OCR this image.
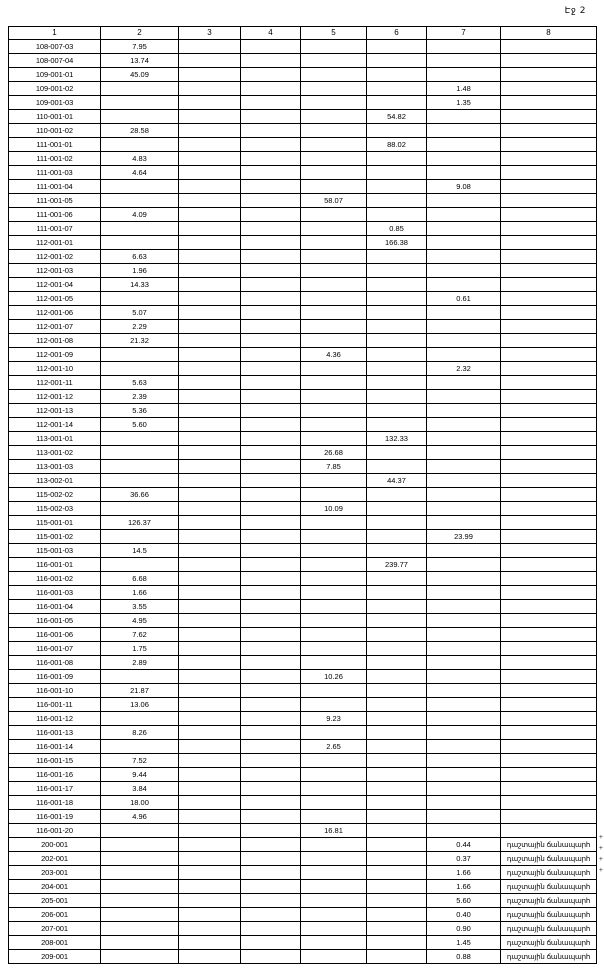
Էջ 2
1	2	3	4	5	6	7	8
108-007-03	7.95						
108-007-04	13.74						
109-001-01	45.09						
109-001-02						1.48	
109-001-03						1.35	
110-001-01					54.82		
110-001-02	28.58						
111-001-01					88.02		
111-001-02	4.83						
111-001-03	4.64						
111-001-04						9.08	
111-001-05				58.07			
111-001-06	4.09						
111-001-07					0.85		
112-001-01					166.38		
112-001-02	6.63						
112-001-03	1.96						
112-001-04	14.33						
112-001-05						0.61	
112-001-06	5.07						
112-001-07	2.29						
112-001-08	21.32						
112-001-09				4.36			
112-001-10						2.32	
112-001-11	5.63						
112-001-12	2.39						
112-001-13	5.36						
112-001-14	5.60						
113-001-01					132.33		
113-001-02				26.68			
113-001-03				7.85			
113-002-01					44.37		
115-002-02	36.66						
115-002-03				10.09			
115-001-01	126.37						
115-001-02						23.99	
115-001-03	14.5						
116-001-01					239.77		
116-001-02	6.68						
116-001-03	1.66						
116-001-04	3.55						
116-001-05	4.95						
116-001-06	7.62						
116-001-07	1.75						
116-001-08	2.89						
116-001-09				10.26			
116-001-10	21.87						
116-001-11	13.06						
116-001-12				9.23			
116-001-13	8.26						
116-001-14				2.65			
116-001-15	7.52						
116-001-16	9.44						
116-001-17	3.84						
116-001-18	18.00						
116-001-19	4.96						
116-001-20				16.81			
200-001						0.44	դաշտային ճանապարհ
202-001						0.37	դաշտային ճանապարհ
203-001						1.66	դաշտային ճանապարհ
204-001						1.66	դաշտային ճանապարհ
205-001						5.60	դաշտային ճանապարհ
206-001						0.40	դաշտային ճանապարհ
207-001						0.90	դաշտային ճանապարհ
208-001						1.45	դաշտային ճանապարհ
209-001						0.88	դաշտային ճանապարհ
+
+
+
+
